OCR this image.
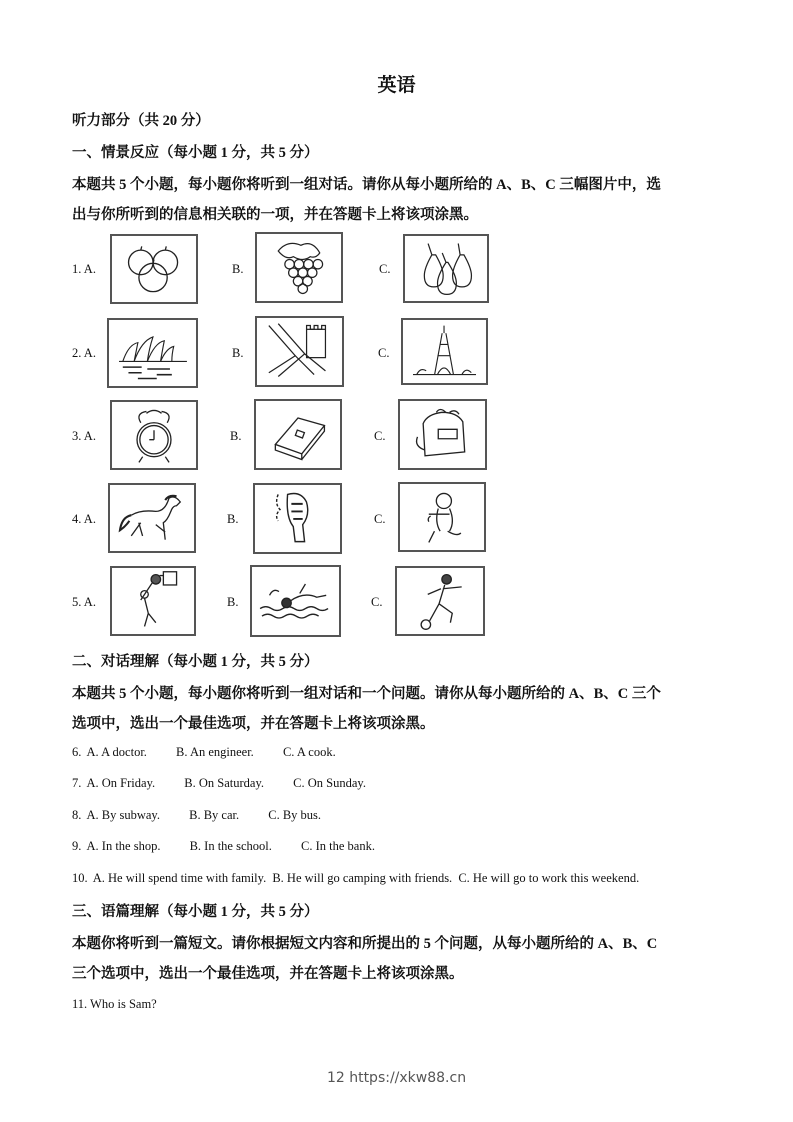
英语
听力部分（共 20 分）
一、情景反应（每小题 1 分，共 5 分）
本题共 5 个小题，每小题你将听到一组对话。请你从每小题所给的 A、B、C 三幅图片中，选
出与你所听到的信息相关联的一项，并在答题卡上将该项涂黑。
1. A.	B.	C.
2. A.	B.	C.
3. A.	B.	C.
4. A.	B.	C.
5. A.	B.	C.
二、对话理解（每小题 1 分，共 5 分）
本题共 5 个小题，每小题你将听到一组对话和一个问题。请你从每小题所给的 A、B、C 三个
选项中，选出一个最佳选项，并在答题卡上将该项涂黑。
6. A. A doctor. B. An engineer. C. A cook.
7. A. On Friday. B. On Saturday. C. On Sunday.
8. A. By subway. B. By car. C. By bus.
9. A. In the shop. B. In the school. C. In the bank.
10. A. He will spend time with family. B. He will go camping with friends. C. He will go to work this weekend.
三、语篇理解（每小题 1 分，共 5 分）
本题你将听到一篇短文。请你根据短文内容和所提出的 5 个问题，从每小题所给的 A、B、C
三个选项中，选出一个最佳选项，并在答题卡上将该项涂黑。
11. Who is Sam?
12 https://xkw88.cn
